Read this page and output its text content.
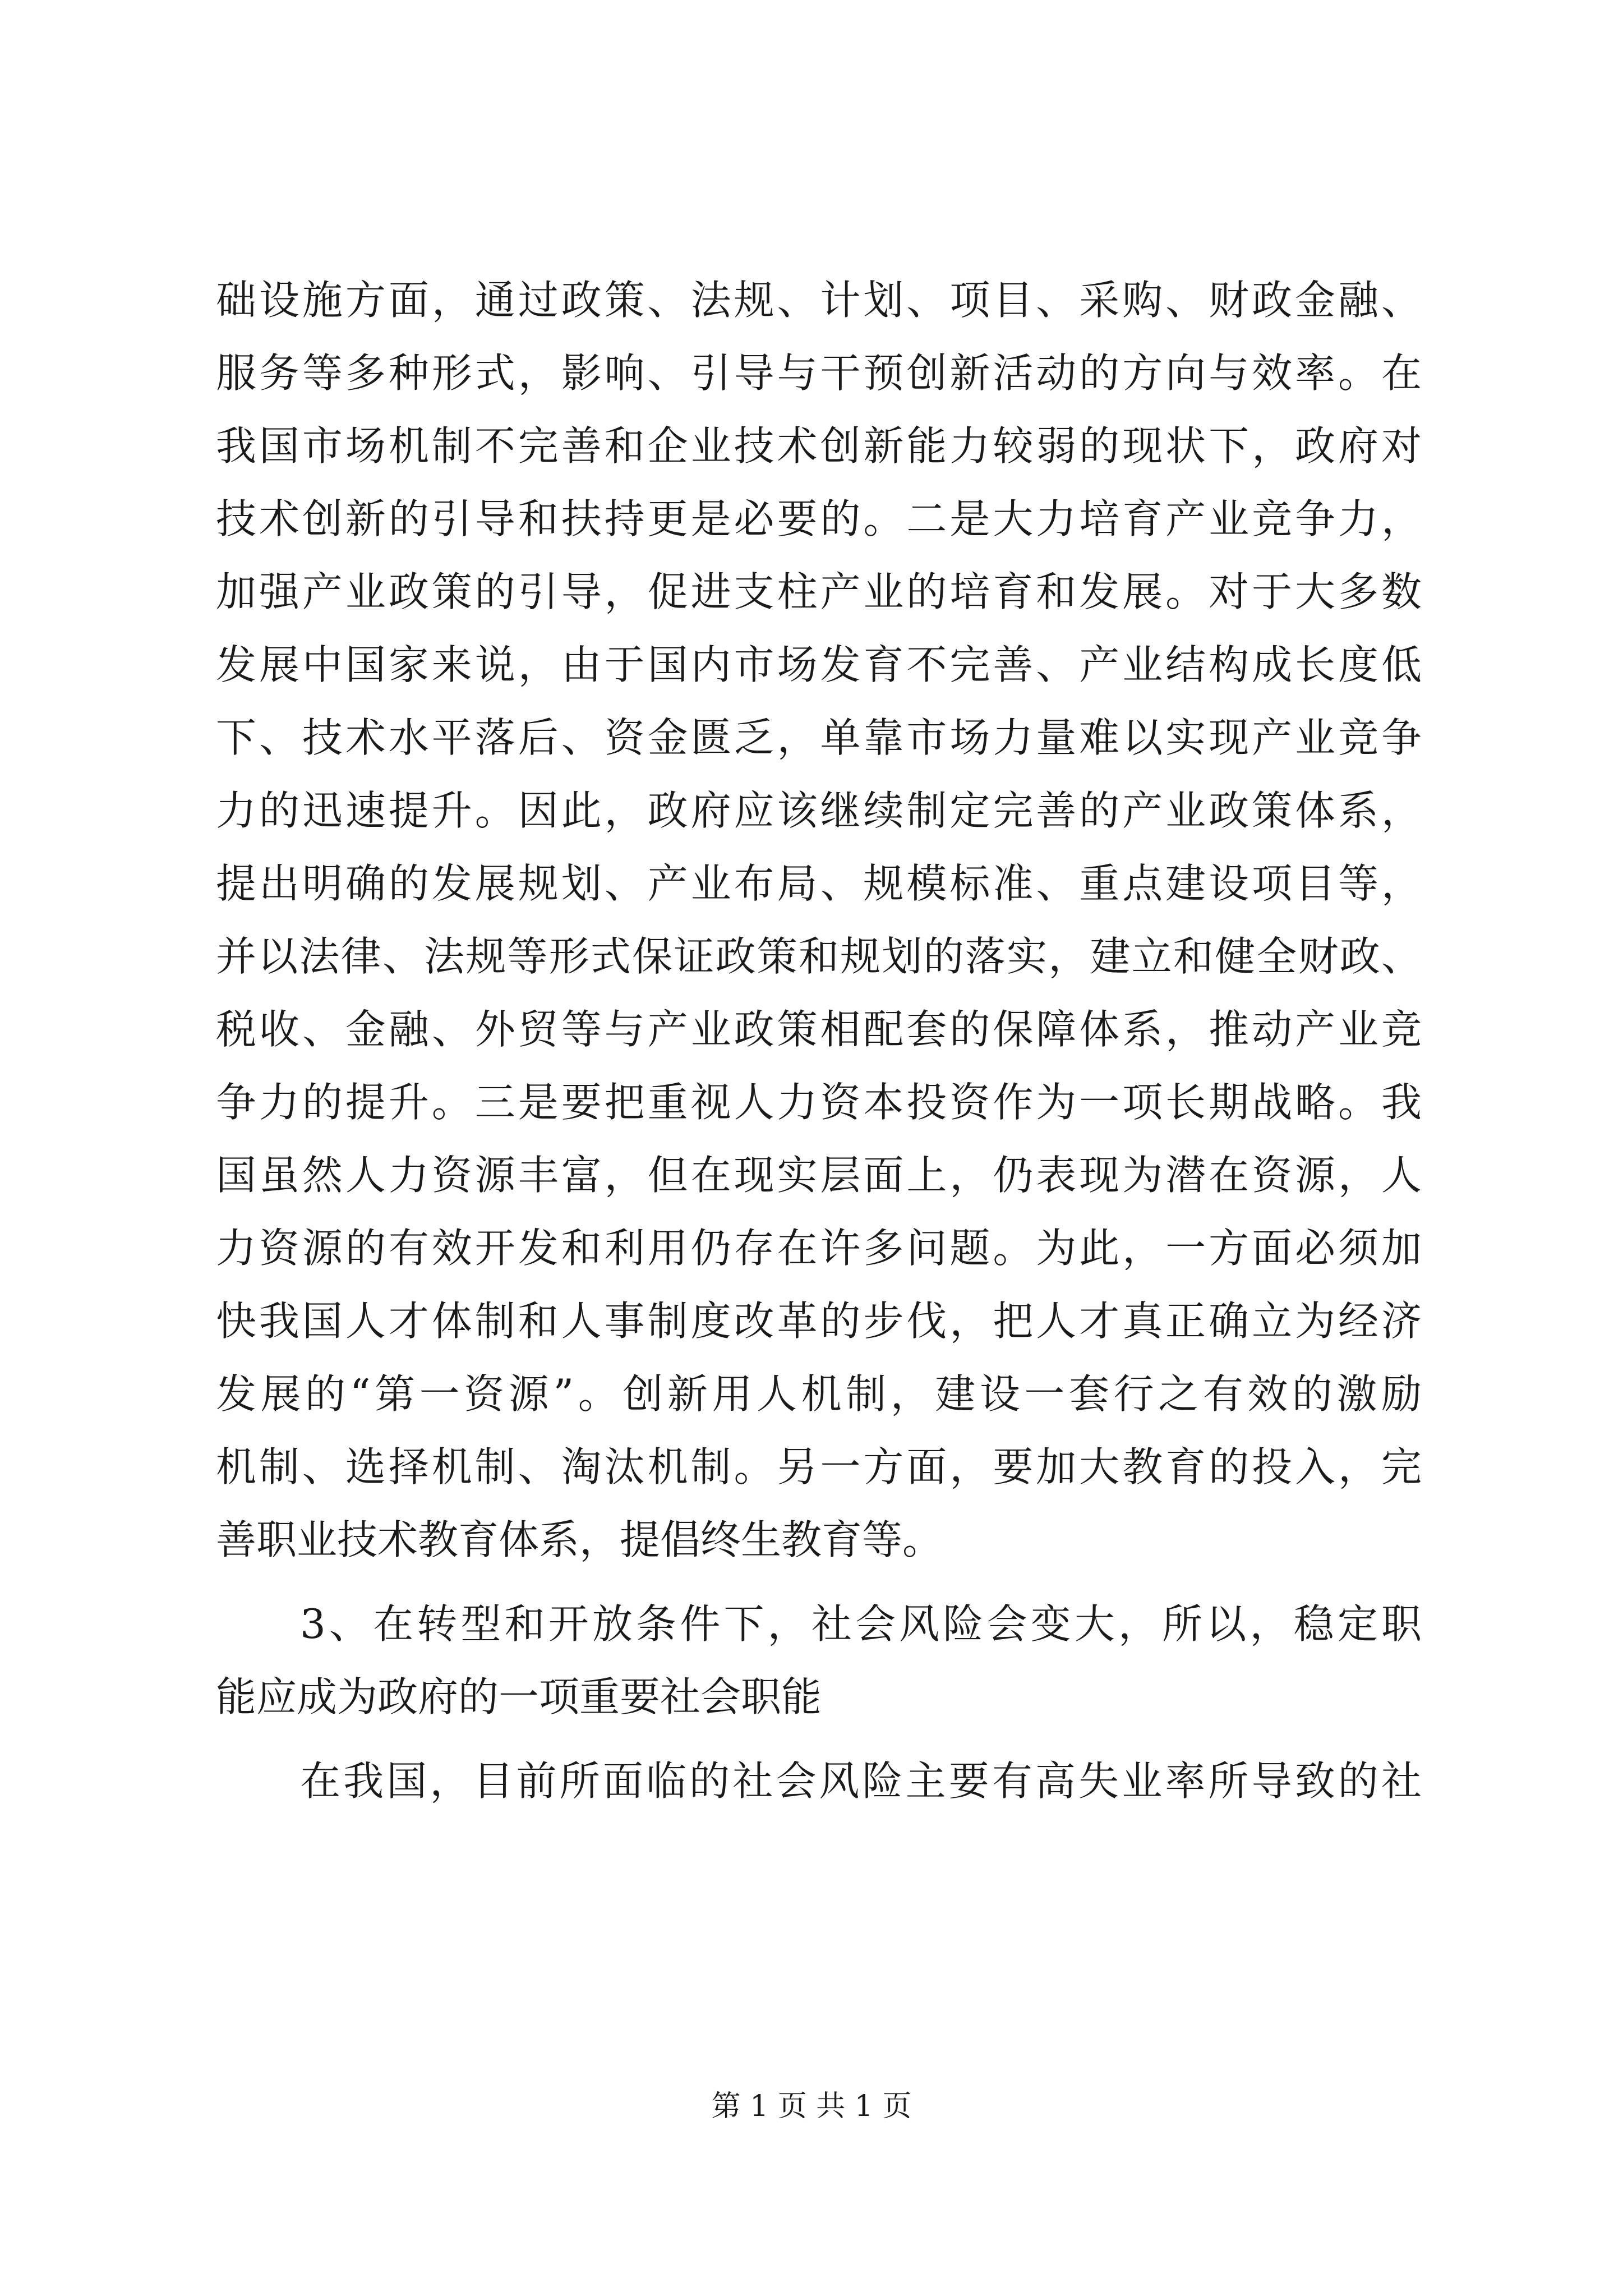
础设施方面，通过政策、法规、计划、项目、采购、财政金融、
服务等多种形式，影响、引导与干预创新活动的方向与效率。在
我国市场机制不完善和企业技术创新能力较弱的现状下，政府对
技术创新的引导和扶持更是必要的。二是大力培育产业竞争力，
加强产业政策的引导，促进支柱产业的培育和发展。对于大多数
发展中国家来说，由于国内市场发育不完善、产业结构成长度低
下、技术水平落后、资金匮乏，单靠市场力量难以实现产业竞争
力的迅速提升。因此，政府应该继续制定完善的产业政策体系，
提出明确的发展规划、产业布局、规模标准、重点建设项目等，
并以法律、法规等形式保证政策和规划的落实，建立和健全财政、
税收、金融、外贸等与产业政策相配套的保障体系，推动产业竞
争力的提升。三是要把重视人力资本投资作为一项长期战略。我
国虽然人力资源丰富，但在现实层面上，仍表现为潜在资源，人
力资源的有效开发和利用仍存在许多问题。为此，一方面必须加
快我国人才体制和人事制度改革的步伐，把人才真正确立为经济
发展的“第一资源”。创新用人机制，建设一套行之有效的激励
机制、选择机制、淘汰机制。另一方面，要加大教育的投入，完
善职业技术教育体系，提倡终生教育等。
3、在转型和开放条件下，社会风险会变大，所以，稳定职
能应成为政府的一项重要社会职能
在我国，目前所面临的社会风险主要有高失业率所导致的社
第 1 页 共 1 页
